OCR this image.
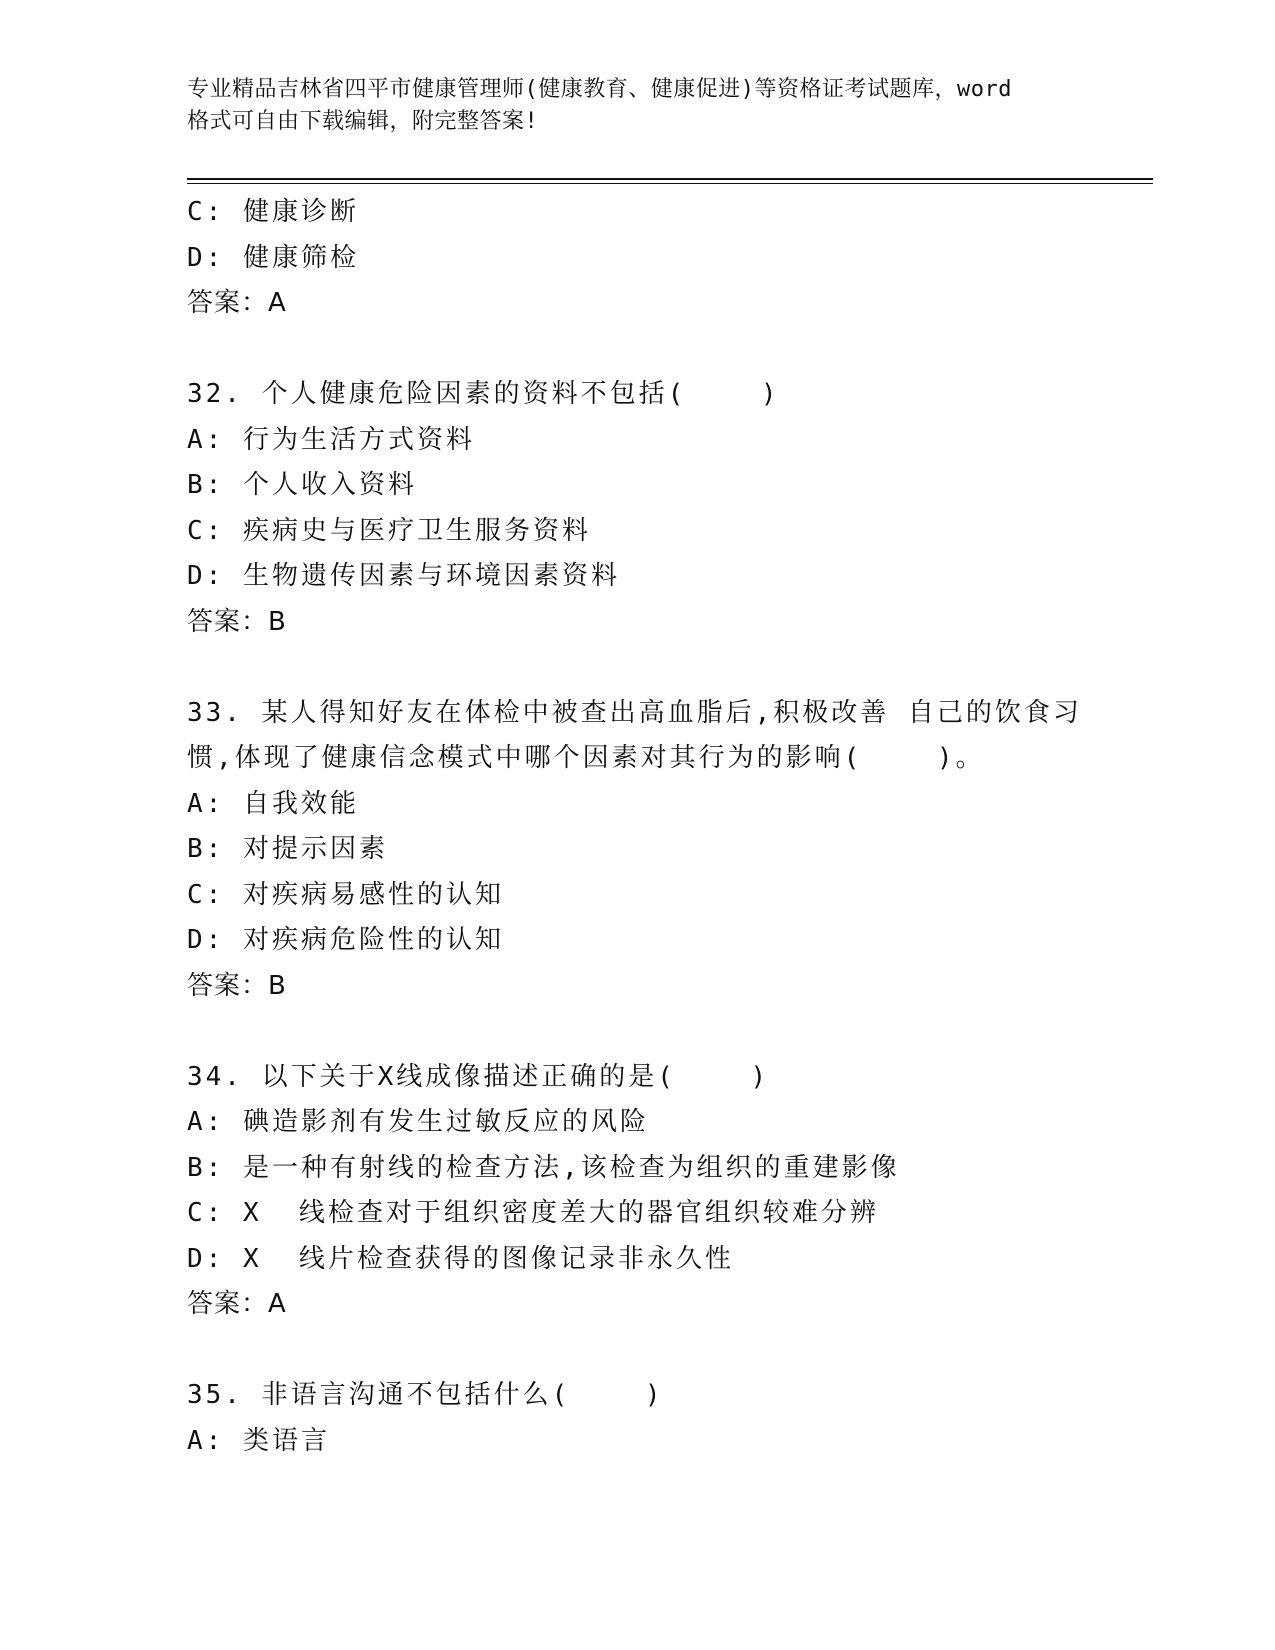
专业精品吉林省四平市健康管理师(健康教育、健康促进)等资格证考试题库，word
格式可自由下载编辑，附完整答案!
C: 健康诊断
D: 健康筛检
答案：A
32. 个人健康危险因素的资料不包括(    )
A: 行为生活方式资料
B: 个人收入资料
C: 疾病史与医疗卫生服务资料
D: 生物遗传因素与环境因素资料
答案：B
33. 某人得知好友在体检中被查出高血脂后,积极改善 自己的饮食习
惯,体现了健康信念模式中哪个因素对其行为的影响(    )。
A: 自我效能
B: 对提示因素
C: 对疾病易感性的认知
D: 对疾病危险性的认知
答案：B
34. 以下关于X线成像描述正确的是(    )
A: 碘造影剂有发生过敏反应的风险
B: 是一种有射线的检查方法,该检查为组织的重建影像
C: X  线检查对于组织密度差大的器官组织较难分辨
D: X  线片检查获得的图像记录非永久性
答案：A
35. 非语言沟通不包括什么(    )
A: 类语言
